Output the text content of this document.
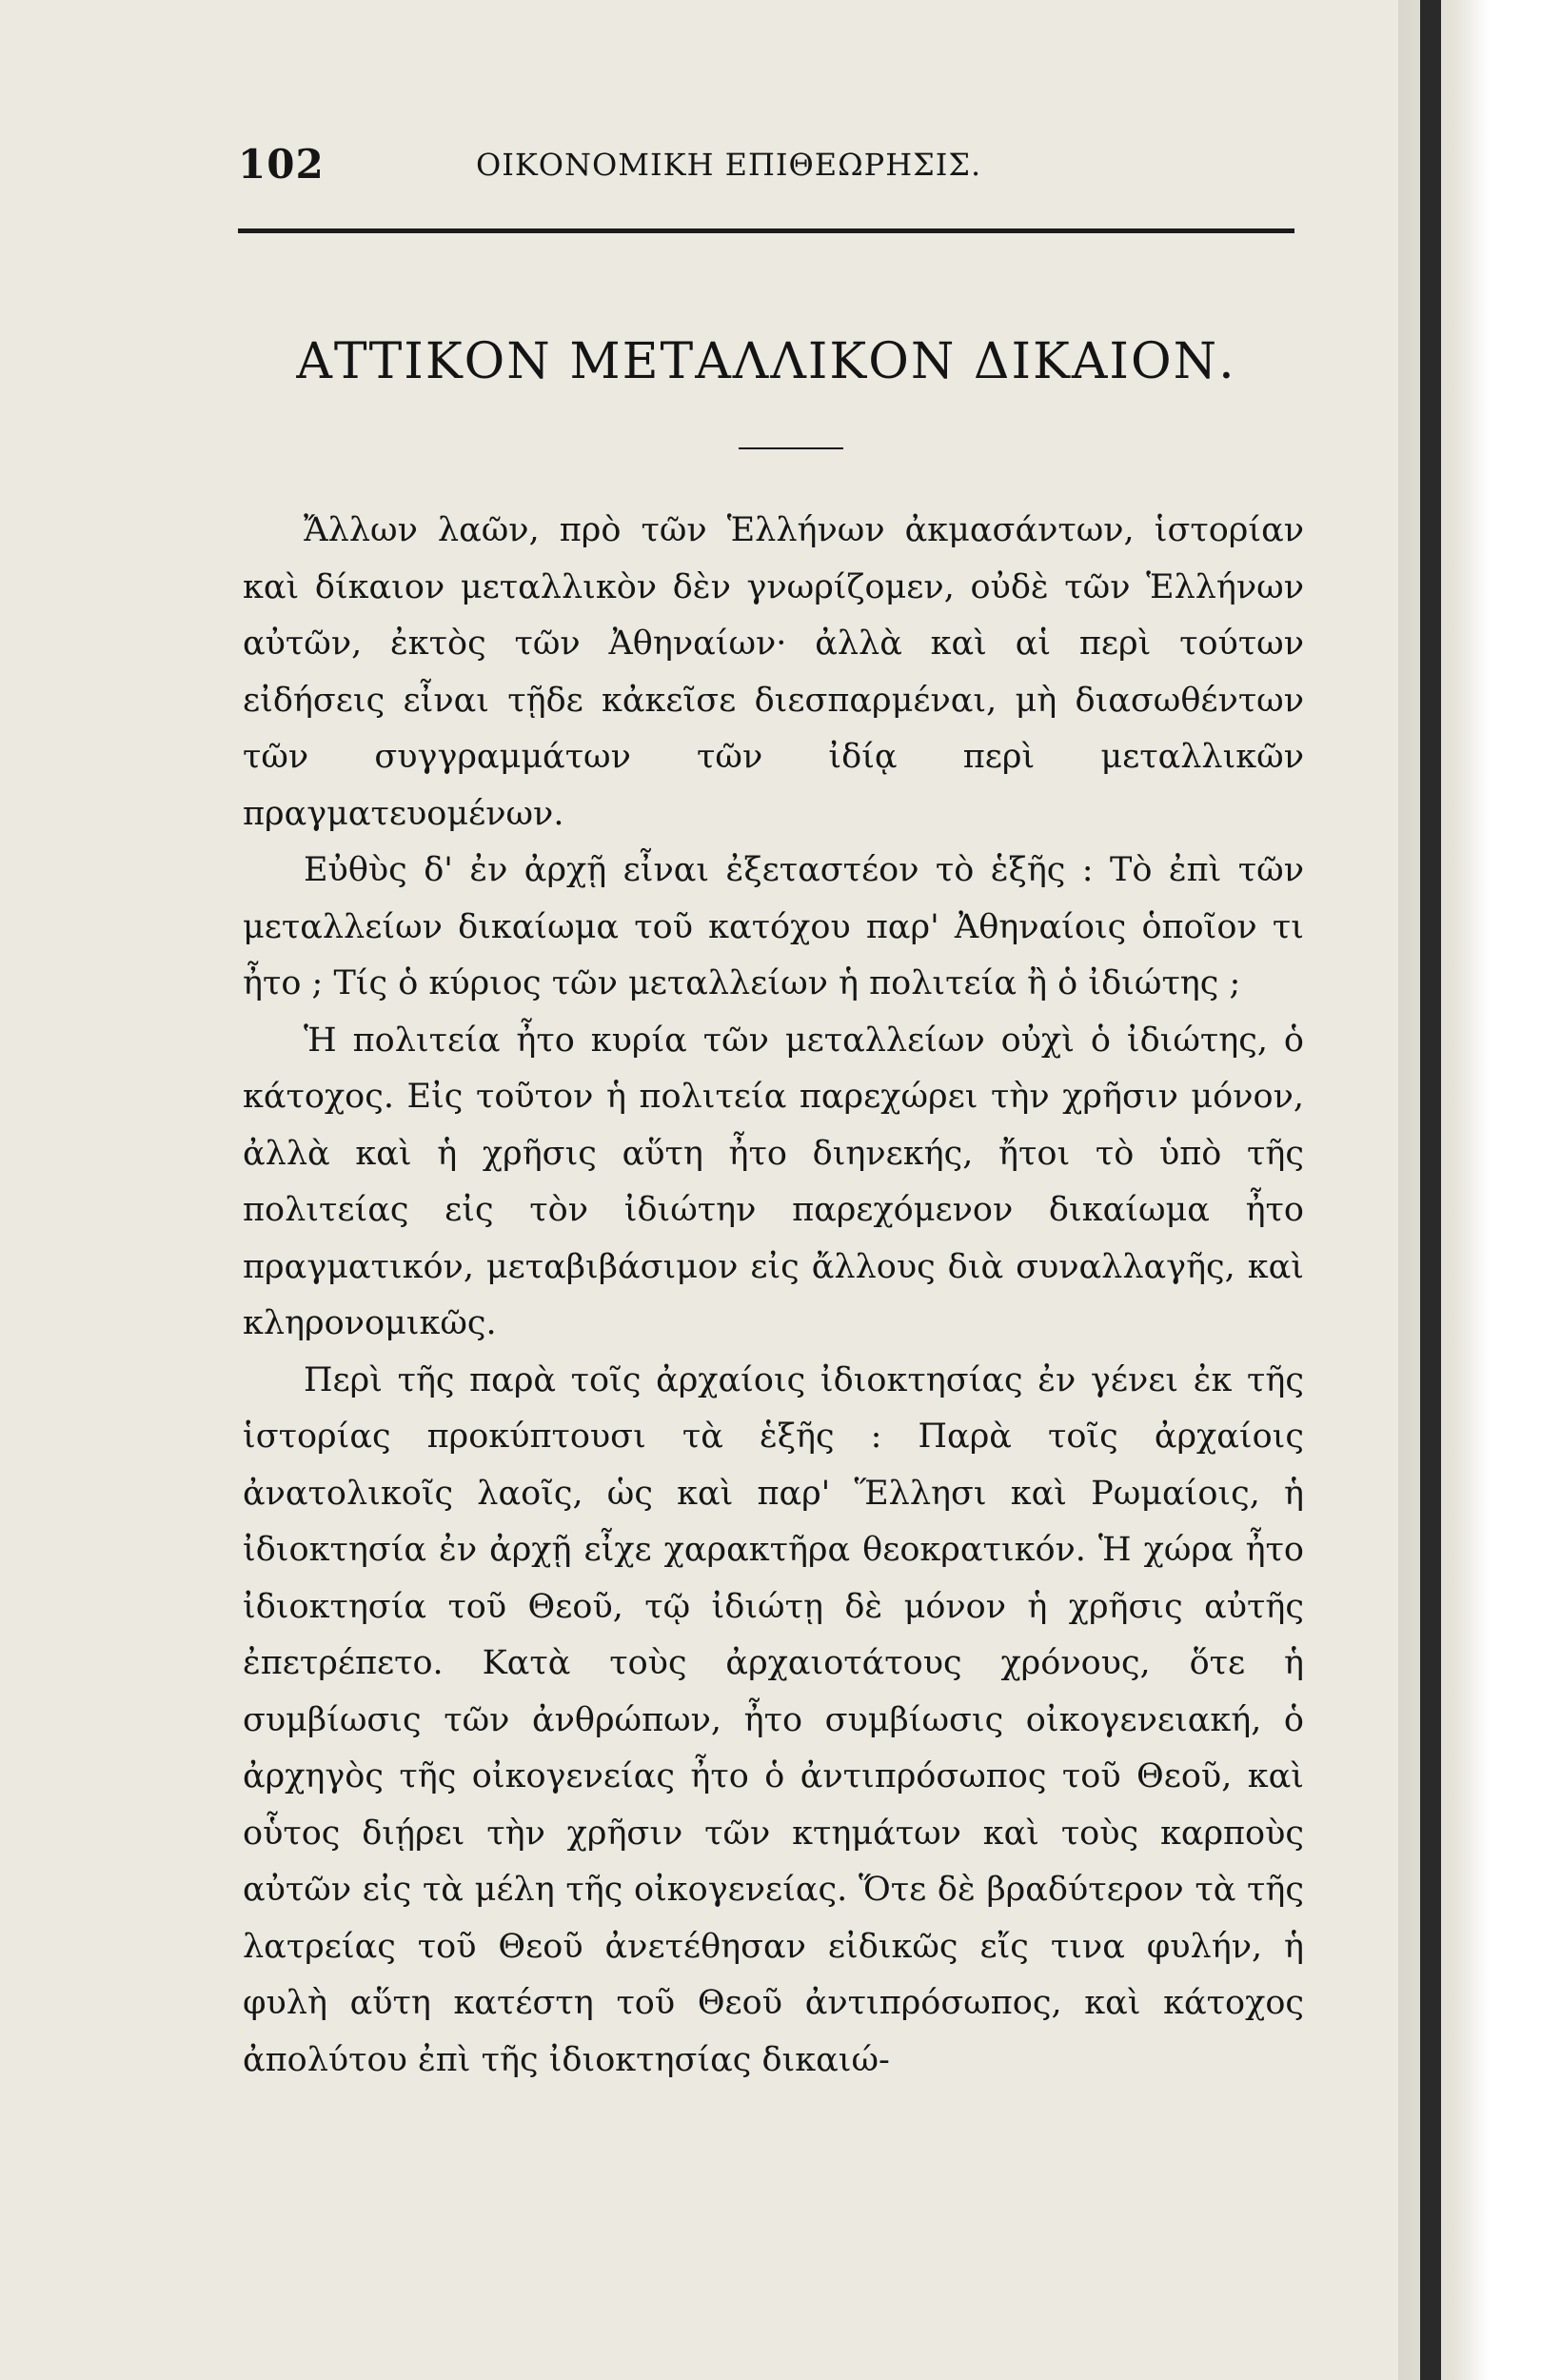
102	ΟΙΚΟΝΟΜΙΚΗ ΕΠΙΘΕΩΡΗΣΙΣ.
ΑΤΤΙΚΟΝ ΜΕΤΑΛΛΙΚΟΝ ΔΙΚΑΙΟΝ.

Ἄλλων λαῶν, πρὸ τῶν Ἑλλήνων ἀκμασάντων, ἱστορίαν καὶ δίκαιον μεταλλικὸν δὲν γνωρίζομεν, οὐδὲ τῶν Ἑλλήνων αὐτῶν, ἐκτὸς τῶν Ἀθηναίων· ἀλλὰ καὶ αἱ περὶ τούτων εἰδήσεις εἶναι τῇδε κἀκεῖσε διεσπαρμέναι, μὴ διασωθέντων τῶν συγγραμμάτων τῶν ἰδίᾳ περὶ μεταλλικῶν πραγματευομένων.

Εὐθὺς δ' ἐν ἀρχῇ εἶναι ἐξεταστέον τὸ ἑξῆς : Τὸ ἐπὶ τῶν μεταλλείων δικαίωμα τοῦ κατόχου παρ' Ἀθηναίοις ὁποῖον τι ἦτο ; Τίς ὁ κύριος τῶν μεταλλείων ἡ πολιτεία ἢ ὁ ἰδιώτης ;

Ἡ πολιτεία ἦτο κυρία τῶν μεταλλείων οὐχὶ ὁ ἰδιώτης, ὁ κάτοχος. Εἰς τοῦτον ἡ πολιτεία παρεχώρει τὴν χρῆσιν μόνον, ἀλλὰ καὶ ἡ χρῆσις αὕτη ἦτο διηνεκής, ἤτοι τὸ ὑπὸ τῆς πολιτείας εἰς τὸν ἰδιώτην παρεχόμενον δικαίωμα ἦτο πραγματικόν, μεταβιβάσιμον εἰς ἄλλους διὰ συναλλαγῆς, καὶ κληρονομικῶς.

Περὶ τῆς παρὰ τοῖς ἀρχαίοις ἰδιοκτησίας ἐν γένει ἐκ τῆς ἱστορίας προκύπτουσι τὰ ἑξῆς : Παρὰ τοῖς ἀρχαίοις ἀνατολικοῖς λαοῖς, ὡς καὶ παρ' Ἕλλησι καὶ Ρωμαίοις, ἡ ἰδιοκτησία ἐν ἀρχῇ εἶχε χαρακτῆρα θεοκρατικόν. Ἡ χώρα ἦτο ἰδιοκτησία τοῦ Θεοῦ, τῷ ἰδιώτῃ δὲ μόνον ἡ χρῆσις αὐτῆς ἐπετρέπετο. Κατὰ τοὺς ἀρχαιοτάτους χρόνους, ὅτε ἡ συμβίωσις τῶν ἀνθρώπων, ἦτο συμβίωσις οἰκογενειακή, ὁ ἀρχηγὸς τῆς οἰκογενείας ἦτο ὁ ἀντιπρόσωπος τοῦ Θεοῦ, καὶ οὗτος διῄρει τὴν χρῆσιν τῶν κτημάτων καὶ τοὺς καρποὺς αὐτῶν εἰς τὰ μέλη τῆς οἰκογενείας. Ὅτε δὲ βραδύτερον τὰ τῆς λατρείας τοῦ Θεοῦ ἀνετέθησαν εἰδικῶς εἴς τινα φυλήν, ἡ φυλὴ αὕτη κατέστη τοῦ Θεοῦ ἀντιπρόσωπος, καὶ κάτοχος ἀπολύτου ἐπὶ τῆς ἰδιοκτησίας δικαιώ-
